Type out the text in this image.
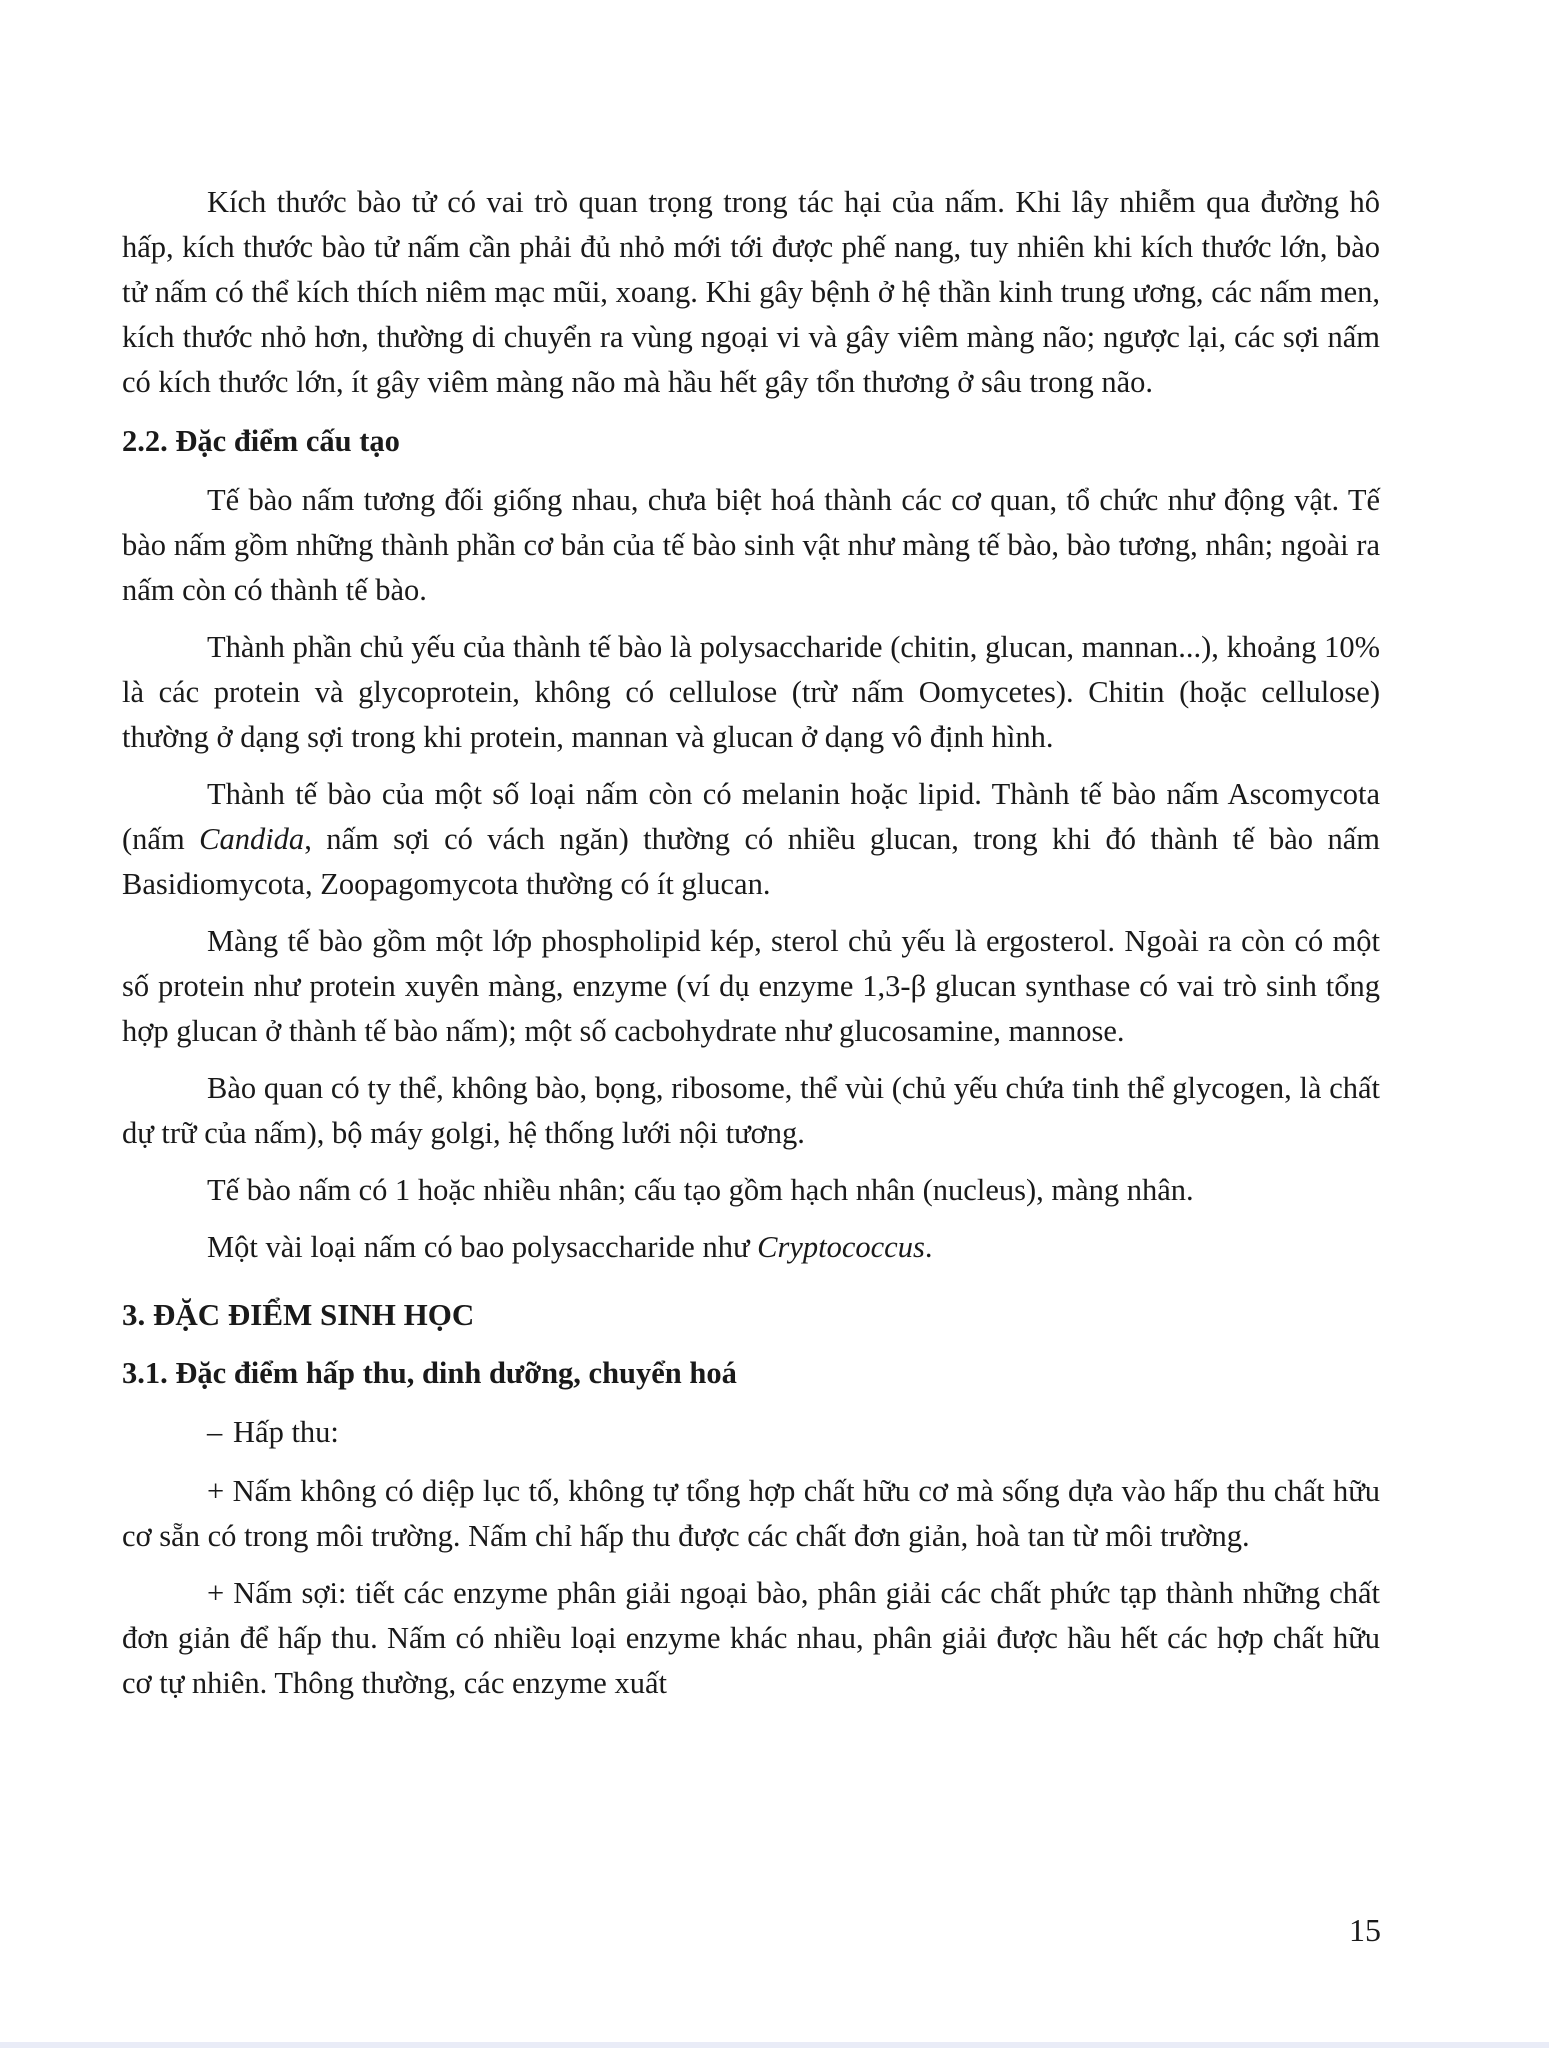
Kích thước bào tử có vai trò quan trọng trong tác hại của nấm. Khi lây nhiễm qua đường hô hấp, kích thước bào tử nấm cần phải đủ nhỏ mới tới được phế nang, tuy nhiên khi kích thước lớn, bào tử nấm có thể kích thích niêm mạc mũi, xoang. Khi gây bệnh ở hệ thần kinh trung ương, các nấm men, kích thước nhỏ hơn, thường di chuyển ra vùng ngoại vi và gây viêm màng não; ngược lại, các sợi nấm có kích thước lớn, ít gây viêm màng não mà hầu hết gây tổn thương ở sâu trong não.

2.2. Đặc điểm cấu tạo

Tế bào nấm tương đối giống nhau, chưa biệt hoá thành các cơ quan, tổ chức như động vật. Tế bào nấm gồm những thành phần cơ bản của tế bào sinh vật như màng tế bào, bào tương, nhân; ngoài ra nấm còn có thành tế bào.

Thành phần chủ yếu của thành tế bào là polysaccharide (chitin, glucan, mannan...), khoảng 10% là các protein và glycoprotein, không có cellulose (trừ nấm Oomycetes). Chitin (hoặc cellulose) thường ở dạng sợi trong khi protein, mannan và glucan ở dạng vô định hình.

Thành tế bào của một số loại nấm còn có melanin hoặc lipid. Thành tế bào nấm Ascomycota (nấm Candida, nấm sợi có vách ngăn) thường có nhiều glucan, trong khi đó thành tế bào nấm Basidiomycota, Zoopagomycota thường có ít glucan.

Màng tế bào gồm một lớp phospholipid kép, sterol chủ yếu là ergosterol. Ngoài ra còn có một số protein như protein xuyên màng, enzyme (ví dụ enzyme 1,3-β glucan synthase có vai trò sinh tổng hợp glucan ở thành tế bào nấm); một số cacbohydrate như glucosamine, mannose.

Bào quan có ty thể, không bào, bọng, ribosome, thể vùi (chủ yếu chứa tinh thể glycogen, là chất dự trữ của nấm), bộ máy golgi, hệ thống lưới nội tương.

Tế bào nấm có 1 hoặc nhiều nhân; cấu tạo gồm hạch nhân (nucleus), màng nhân.

Một vài loại nấm có bao polysaccharide như Cryptococcus.

3. ĐẶC ĐIỂM SINH HỌC
3.1. Đặc điểm hấp thu, dinh dưỡng, chuyển hoá
– Hấp thu:

+ Nấm không có diệp lục tố, không tự tổng hợp chất hữu cơ mà sống dựa vào hấp thu chất hữu cơ sẵn có trong môi trường. Nấm chỉ hấp thu được các chất đơn giản, hoà tan từ môi trường.

+ Nấm sợi: tiết các enzyme phân giải ngoại bào, phân giải các chất phức tạp thành những chất đơn giản để hấp thu. Nấm có nhiều loại enzyme khác nhau, phân giải được hầu hết các hợp chất hữu cơ tự nhiên. Thông thường, các enzyme xuất

15
